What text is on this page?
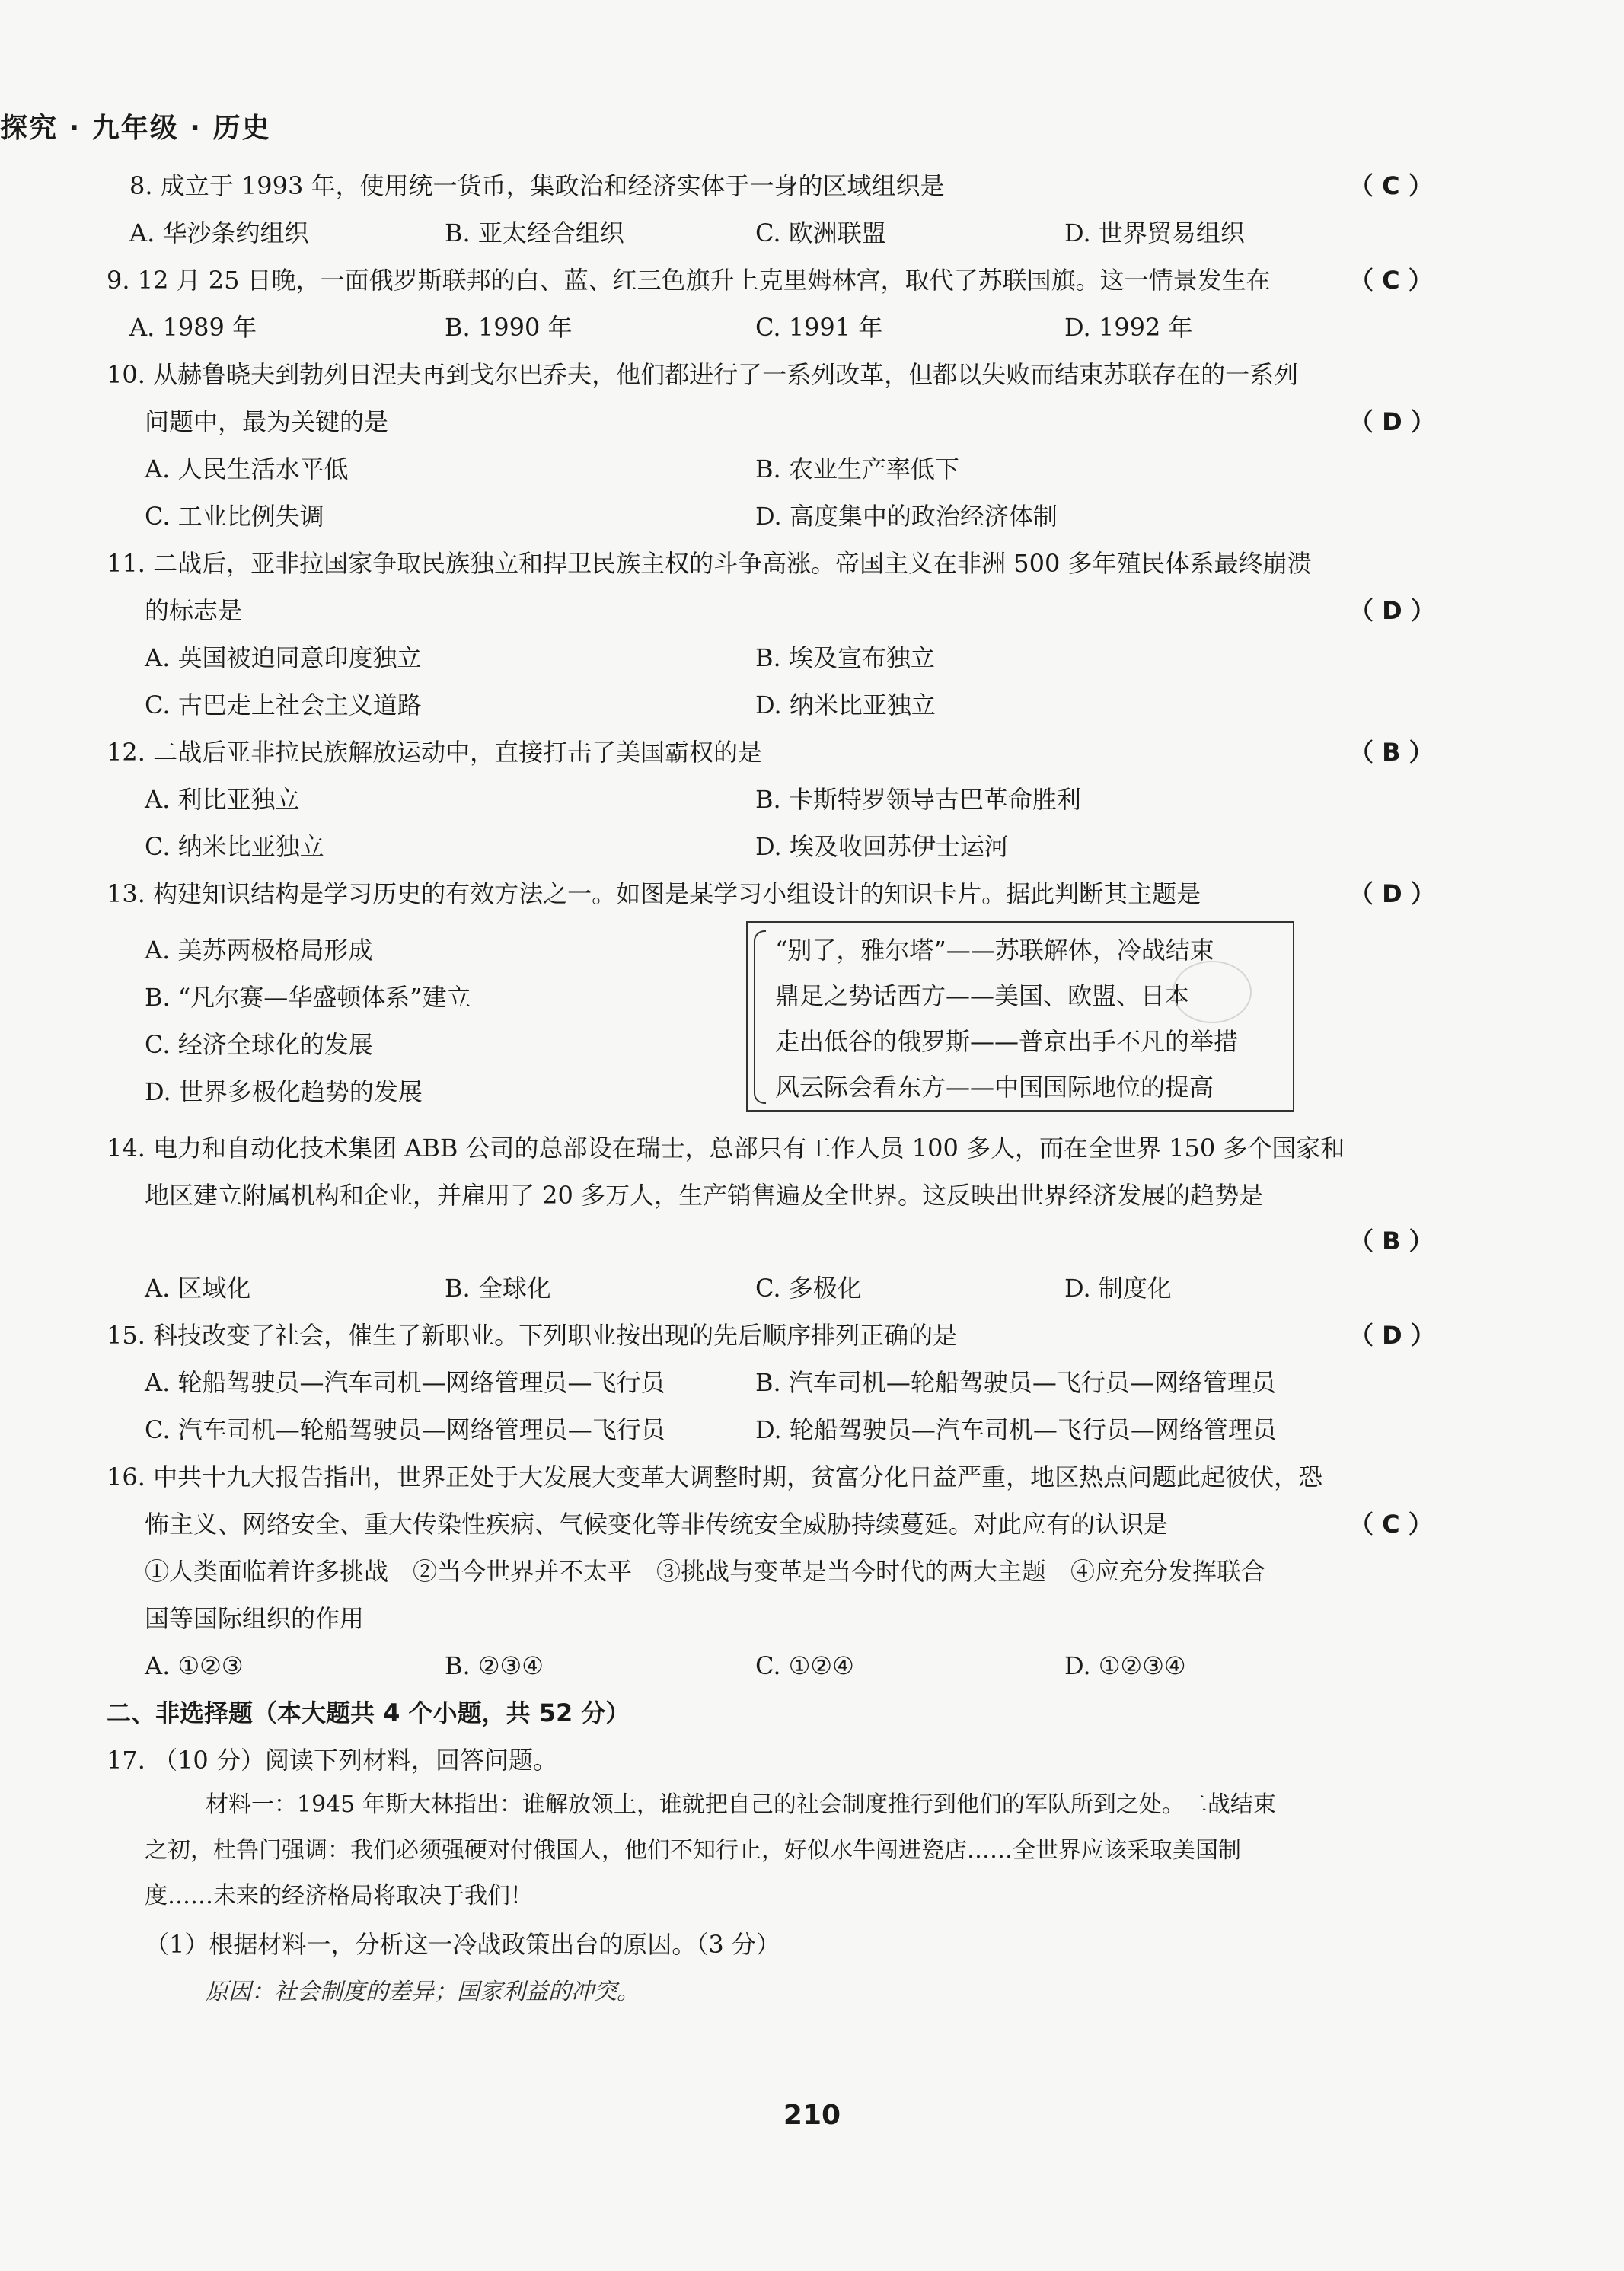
探究 · 九年级 · 历史
8. 成立于 1993 年，使用统一货币，集政治和经济实体于一身的区域组织是	（ C ）
A. 华沙条约组织	B. 亚太经合组织	C. 欧洲联盟	D. 世界贸易组织
9. 12 月 25 日晚，一面俄罗斯联邦的白、蓝、红三色旗升上克里姆林宫，取代了苏联国旗。这一情景发生在	（ C ）
A. 1989 年	B. 1990 年	C. 1991 年	D. 1992 年
10. 从赫鲁晓夫到勃列日涅夫再到戈尔巴乔夫，他们都进行了一系列改革，但都以失败而结束苏联存在的一系列
问题中，最为关键的是	（ D ）
A. 人民生活水平低	B. 农业生产率低下
C. 工业比例失调	D. 高度集中的政治经济体制
11. 二战后，亚非拉国家争取民族独立和捍卫民族主权的斗争高涨。帝国主义在非洲 500 多年殖民体系最终崩溃
的标志是	（ D ）
A. 英国被迫同意印度独立	B. 埃及宣布独立
C. 古巴走上社会主义道路	D. 纳米比亚独立
12. 二战后亚非拉民族解放运动中，直接打击了美国霸权的是	（ B ）
A. 利比亚独立	B. 卡斯特罗领导古巴革命胜利
C. 纳米比亚独立	D. 埃及收回苏伊士运河
13. 构建知识结构是学习历史的有效方法之一。如图是某学习小组设计的知识卡片。据此判断其主题是	（ D ）
A. 美苏两极格局形成
B. “凡尔赛—华盛顿体系”建立
C. 经济全球化的发展
D. 世界多极化趋势的发展
“别了，雅尔塔”——苏联解体，冷战结束
鼎足之势话西方——美国、欧盟、日本
走出低谷的俄罗斯——普京出手不凡的举措
风云际会看东方——中国国际地位的提高
14. 电力和自动化技术集团 ABB 公司的总部设在瑞士，总部只有工作人员 100 多人，而在全世界 150 多个国家和
地区建立附属机构和企业，并雇用了 20 多万人，生产销售遍及全世界。这反映出世界经济发展的趋势是
（ B ）
A. 区域化	B. 全球化	C. 多极化	D. 制度化
15. 科技改变了社会，催生了新职业。下列职业按出现的先后顺序排列正确的是	（ D ）
A. 轮船驾驶员—汽车司机—网络管理员—飞行员	B. 汽车司机—轮船驾驶员—飞行员—网络管理员
C. 汽车司机—轮船驾驶员—网络管理员—飞行员	D. 轮船驾驶员—汽车司机—飞行员—网络管理员
16. 中共十九大报告指出，世界正处于大发展大变革大调整时期，贫富分化日益严重，地区热点问题此起彼伏，恐
怖主义、网络安全、重大传染性疾病、气候变化等非传统安全威胁持续蔓延。对此应有的认识是	（ C ）
①人类面临着许多挑战　②当今世界并不太平　③挑战与变革是当今时代的两大主题　④应充分发挥联合
国等国际组织的作用
A. ①②③	B. ②③④	C. ①②④	D. ①②③④
二、非选择题（本大题共 4 个小题，共 52 分）
17. （10 分）阅读下列材料，回答问题。
材料一：1945 年斯大林指出：谁解放领土，谁就把自己的社会制度推行到他们的军队所到之处。二战结束
之初，杜鲁门强调：我们必须强硬对付俄国人，他们不知行止，好似水牛闯进瓷店……全世界应该采取美国制
度……未来的经济格局将取决于我们！
（1）根据材料一，分析这一冷战政策出台的原因。（3 分）
原因：社会制度的差异；国家利益的冲突。
210
